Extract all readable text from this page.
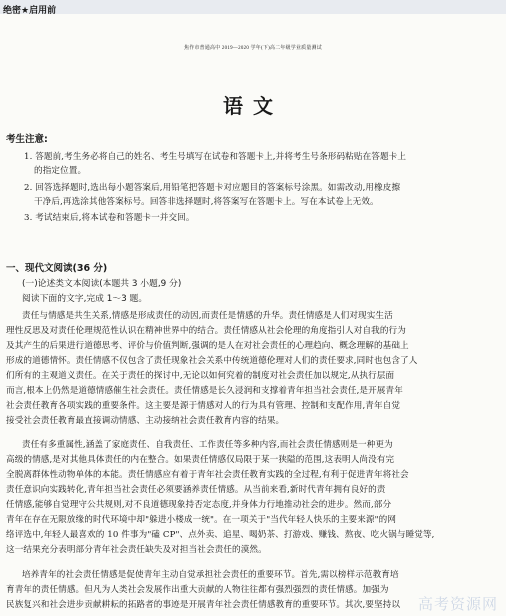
绝密★启用前
焦作市普通高中 2019—2020 学年(下)高二年级学业质量测试
语文
考生注意:
1. 答题前,考生务必将自己的姓名、考生号填写在试卷和答题卡上,并将考生号条形码粘贴在答题卡上
的指定位置。
2. 回答选择题时,选出每小题答案后,用铅笔把答题卡对应题目的答案标号涂黑。如需改动,用橡皮擦
干净后,再选涂其他答案标号。回答非选择题时,将答案写在答题卡上。写在本试卷上无效。
3. 考试结束后,将本试卷和答题卡一并交回。
一、现代文阅读(36 分)
(一)论述类文本阅读(本题共 3 小题,9 分)
阅读下面的文字,完成 1～3 题。
责任与情感是共生关系,情感是形成责任的动因,而责任是情感的升华。责任情感是人们对现实生活
理性反思及对责任伦理规范性认识在精神世界中的结合。责任情感从社会伦理的角度指引人对自我的行为
及其产生的后果进行道德思考、评价与价值判断,强调的是人在对社会责任的心理趋向、概念理解的基础上
形成的道德情怀。责任情感不仅包含了责任现象社会关系中传统道德伦理对人们的责任要求,同时也包含了人
们所有的主观道义责任。在关于责任的探讨中,无论以如何究着的制度对社会责任加以规定,从执行层面
而言,根本上仍然是道德情感催生社会责任。责任情感是长久浸润和支撑着青年担当社会责任,是开展青年
社会责任教育各项实践的重要条件。这主要是源于情感对人的行为具有管理、控制和支配作用,青年自觉
接受社会责任教育最直接调动情感、主动接纳社会责任教育内容的结果。
责任有多重属性,涵盖了家庭责任、自我责任、工作责任等多种内容,而社会责任情感则是一种更为
高级的情感,是对其他具体责任的内在整合。如果责任情感仅局限于某一狭隘的范围,这表明人尚没有完
全脱离群体性动物单体的本能。责任情感应有着于青年社会责任教育实践的全过程,有利于促进青年将社会
责任意识向实践转化,青年担当社会责任必须要涵养责任情感。从当前来看,新时代青年拥有良好的责
任情感,能够自觉理守公共规则,对不良道德现象持否定态度,并身体力行地推动社会的进步。然而,部分
青年在存在无限放缘的时代环境中却"躲进小楼成一统"。在一项关于"当代年轻人快乐的主要来源"的网
络评选中,年轻人最喜欢的 10 件事为"磕 CP"、点外卖、追星、喝奶茶、打游戏、赚钱、熬夜、吃火锅与睡觉等,
这一结果充分表明部分青年社会责任缺失及对担当社会责任的漠然。
培养青年的社会责任情感是促使青年主动自觉承担社会责任的重要环节。首先,需以榜样示范教育培
育青年的责任情感。但凡为人类社会发展作出重大贡献的人物往往都有强烈强烈的责任情感。加强为
民族复兴和社会进步贡献耕耘的拓路者的事迹是开展青年社会责任情感教育的重要环节。其次,要坚持以 高考资源网
